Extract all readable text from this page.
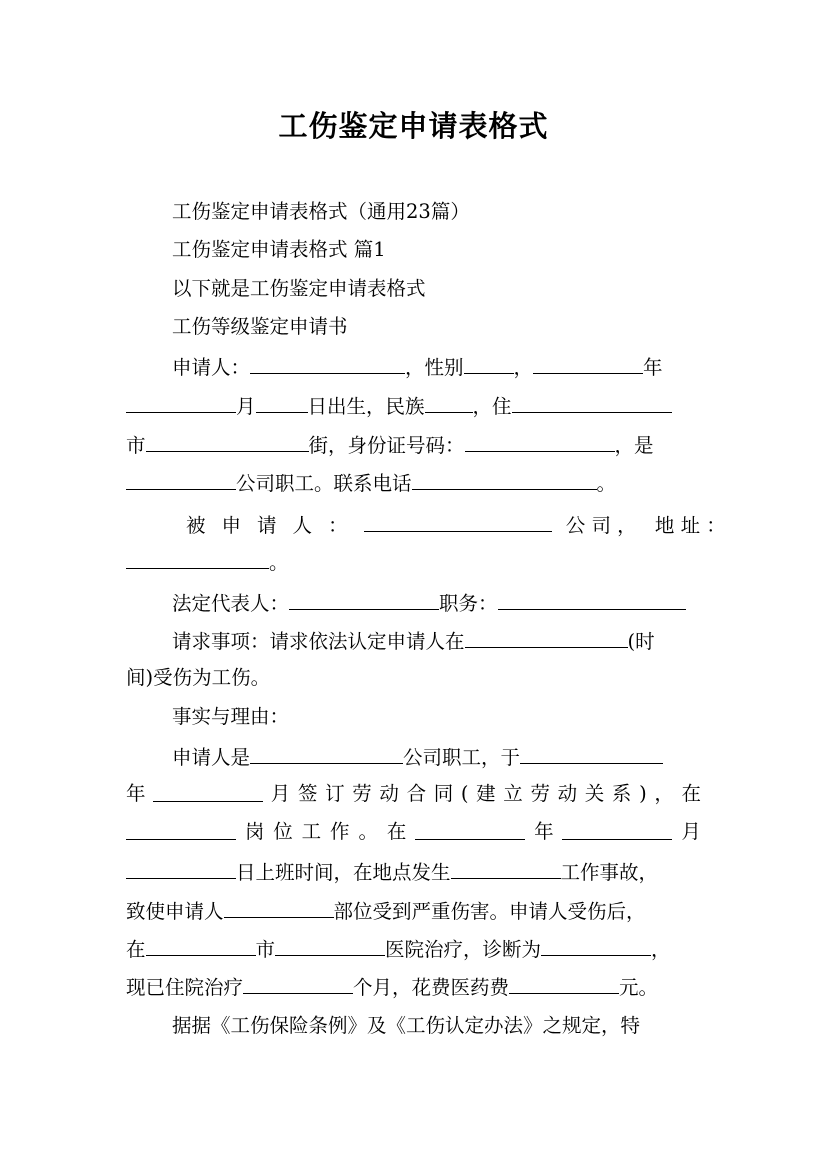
工伤鉴定申请表格式
工伤鉴定申请表格式（通用23篇）
工伤鉴定申请表格式 篇1
以下就是工伤鉴定申请表格式
工伤等级鉴定申请书
申请人：	，性别	，	年
月	日出生，民族 ，住
市	街，身份证号码：	，是
公司职工。联系电话	。
被申请人：	公 司 ， 地 址 ：
。
法定代表人：	职务：
请求事项：请求依法认定申请人在	(时
间)受伤为工伤。
事实与理由：
申请人是	公司职工，于
年	月 签 订 劳 动 合 同 ( 建 立 劳 动 关 系 ) ， 在
岗 位 工 作 。 在	年	月
日上班时间，在地点发生	工作事故，
致使申请人	部位受到严重伤害。申请人受伤后，
在	市	医院治疗，诊断为	，
现已住院治疗	个月，花费医药费	元。
据据《工伤保险条例》及《工伤认定办法》之规定，特
